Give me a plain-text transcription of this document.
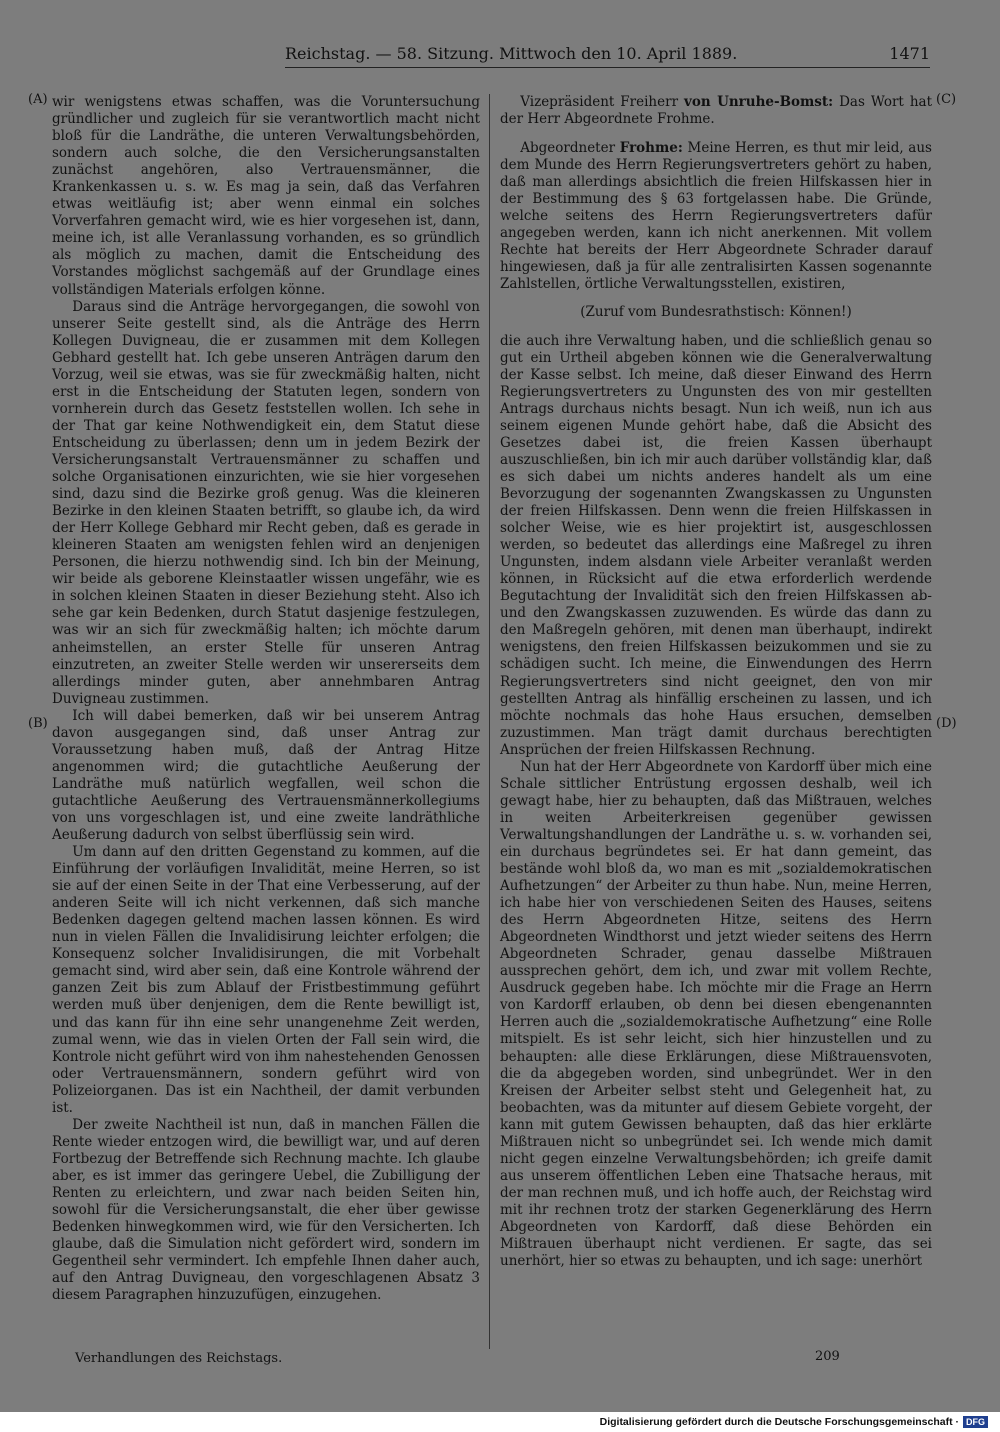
Reichstag. — 58. Sitzung. Mittwoch den 10. April 1889.	1471
(A)
(B)
(C)
(D)

wir wenigstens etwas schaffen, was die Voruntersuchung gründlicher und zugleich für sie verantwortlich macht nicht bloß für die Landräthe, die unteren Verwaltungsbehörden, sondern auch solche, die den Versicherungsanstalten zunächst angehören, also Vertrauensmänner, die Krankenkassen u. s. w. Es mag ja sein, daß das Verfahren etwas weitläufig ist; aber wenn einmal ein solches Vorverfahren gemacht wird, wie es hier vorgesehen ist, dann, meine ich, ist alle Veranlassung vorhanden, es so gründlich als möglich zu machen, damit die Entscheidung des Vorstandes möglichst sachgemäß auf der Grundlage eines vollständigen Materials erfolgen könne.

Daraus sind die Anträge hervorgegangen, die sowohl von unserer Seite gestellt sind, als die Anträge des Herrn Kollegen Duvigneau, die er zusammen mit dem Kollegen Gebhard gestellt hat. Ich gebe unseren Anträgen darum den Vorzug, weil sie etwas, was sie für zweckmäßig halten, nicht erst in die Entscheidung der Statuten legen, sondern von vornherein durch das Gesetz feststellen wollen. Ich sehe in der That gar keine Nothwendigkeit ein, dem Statut diese Entscheidung zu überlassen; denn um in jedem Bezirk der Versicherungsanstalt Vertrauensmänner zu schaffen und solche Organisationen einzurichten, wie sie hier vorgesehen sind, dazu sind die Bezirke groß genug. Was die kleineren Bezirke in den kleinen Staaten betrifft, so glaube ich, da wird der Herr Kollege Gebhard mir Recht geben, daß es gerade in kleineren Staaten am wenigsten fehlen wird an denjenigen Personen, die hierzu nothwendig sind. Ich bin der Meinung, wir beide als geborene Kleinstaatler wissen ungefähr, wie es in solchen kleinen Staaten in dieser Beziehung steht. Also ich sehe gar kein Bedenken, durch Statut dasjenige festzulegen, was wir an sich für zweckmäßig halten; ich möchte darum anheimstellen, an erster Stelle für unseren Antrag einzutreten, an zweiter Stelle werden wir unsererseits dem allerdings minder guten, aber annehmbaren Antrag Duvigneau zustimmen.

Ich will dabei bemerken, daß wir bei unserem Antrag davon ausgegangen sind, daß unser Antrag zur Voraussetzung haben muß, daß der Antrag Hitze angenommen wird; die gutachtliche Aeußerung der Landräthe muß natürlich wegfallen, weil schon die gutachtliche Aeußerung des Vertrauensmännerkollegiums von uns vorgeschlagen ist, und eine zweite landräthliche Aeußerung dadurch von selbst überflüssig sein wird.

Um dann auf den dritten Gegenstand zu kommen, auf die Einführung der vorläufigen Invalidität, meine Herren, so ist sie auf der einen Seite in der That eine Verbesserung, auf der anderen Seite will ich nicht verkennen, daß sich manche Bedenken dagegen geltend machen lassen können. Es wird nun in vielen Fällen die Invalidisirung leichter erfolgen; die Konsequenz solcher Invalidisirungen, die mit Vorbehalt gemacht sind, wird aber sein, daß eine Kontrole während der ganzen Zeit bis zum Ablauf der Fristbestimmung geführt werden muß über denjenigen, dem die Rente bewilligt ist, und das kann für ihn eine sehr unangenehme Zeit werden, zumal wenn, wie das in vielen Orten der Fall sein wird, die Kontrole nicht geführt wird von ihm nahestehenden Genossen oder Vertrauensmännern, sondern geführt wird von Polizeiorganen. Das ist ein Nachtheil, der damit verbunden ist.

Der zweite Nachtheil ist nun, daß in manchen Fällen die Rente wieder entzogen wird, die bewilligt war, und auf deren Fortbezug der Betreffende sich Rechnung machte. Ich glaube aber, es ist immer das geringere Uebel, die Zubilligung der Renten zu erleichtern, und zwar nach beiden Seiten hin, sowohl für die Versicherungsanstalt, die eher über gewisse Bedenken hinwegkommen wird, wie für den Versicherten. Ich glaube, daß die Simulation nicht gefördert wird, sondern im Gegentheil sehr vermindert. Ich empfehle Ihnen daher auch, auf den Antrag Duvigneau, den vorgeschlagenen Absatz 3 diesem Paragraphen hinzuzufügen, einzugehen.

Vizepräsident Freiherr von Unruhe-Bomst: Das Wort hat der Herr Abgeordnete Frohme.

Abgeordneter Frohme: Meine Herren, es thut mir leid, aus dem Munde des Herrn Regierungsvertreters gehört zu haben, daß man allerdings absichtlich die freien Hilfskassen hier in der Bestimmung des § 63 fortgelassen habe. Die Gründe, welche seitens des Herrn Regierungsvertreters dafür angegeben werden, kann ich nicht anerkennen. Mit vollem Rechte hat bereits der Herr Abgeordnete Schrader darauf hingewiesen, daß ja für alle zentralisirten Kassen sogenannte Zahlstellen, örtliche Verwaltungsstellen, existiren,

(Zuruf vom Bundesrathstisch: Können!)

die auch ihre Verwaltung haben, und die schließlich genau so gut ein Urtheil abgeben können wie die Generalverwaltung der Kasse selbst. Ich meine, daß dieser Einwand des Herrn Regierungsvertreters zu Ungunsten des von mir gestellten Antrags durchaus nichts besagt. Nun ich weiß, nun ich aus seinem eigenen Munde gehört habe, daß die Absicht des Gesetzes dabei ist, die freien Kassen überhaupt auszuschließen, bin ich mir auch darüber vollständig klar, daß es sich dabei um nichts anderes handelt als um eine Bevorzugung der sogenannten Zwangskassen zu Ungunsten der freien Hilfskassen. Denn wenn die freien Hilfskassen in solcher Weise, wie es hier projektirt ist, ausgeschlossen werden, so bedeutet das allerdings eine Maßregel zu ihren Ungunsten, indem alsdann viele Arbeiter veranlaßt werden können, in Rücksicht auf die etwa erforderlich werdende Begutachtung der Invalidität sich den freien Hilfskassen ab- und den Zwangskassen zuzuwenden. Es würde das dann zu den Maßregeln gehören, mit denen man überhaupt, indirekt wenigstens, den freien Hilfskassen beizukommen und sie zu schädigen sucht. Ich meine, die Einwendungen des Herrn Regierungsvertreters sind nicht geeignet, den von mir gestellten Antrag als hinfällig erscheinen zu lassen, und ich möchte nochmals das hohe Haus ersuchen, demselben zuzustimmen. Man trägt damit durchaus berechtigten Ansprüchen der freien Hilfskassen Rechnung.

Nun hat der Herr Abgeordnete von Kardorff über mich eine Schale sittlicher Entrüstung ergossen deshalb, weil ich gewagt habe, hier zu behaupten, daß das Mißtrauen, welches in weiten Arbeiterkreisen gegenüber gewissen Verwaltungshandlungen der Landräthe u. s. w. vorhanden sei, ein durchaus begründetes sei. Er hat dann gemeint, das bestände wohl bloß da, wo man es mit „sozialdemokratischen Aufhetzungen“ der Arbeiter zu thun habe. Nun, meine Herren, ich habe hier von verschiedenen Seiten des Hauses, seitens des Herrn Abgeordneten Hitze, seitens des Herrn Abgeordneten Windthorst und jetzt wieder seitens des Herrn Abgeordneten Schrader, genau dasselbe Mißtrauen aussprechen gehört, dem ich, und zwar mit vollem Rechte, Ausdruck gegeben habe. Ich möchte mir die Frage an Herrn von Kardorff erlauben, ob denn bei diesen ebengenannten Herren auch die „sozialdemokratische Aufhetzung“ eine Rolle mitspielt. Es ist sehr leicht, sich hier hinzustellen und zu behaupten: alle diese Erklärungen, diese Mißtrauensvoten, die da abgegeben worden, sind unbegründet. Wer in den Kreisen der Arbeiter selbst steht und Gelegenheit hat, zu beobachten, was da mitunter auf diesem Gebiete vorgeht, der kann mit gutem Gewissen behaupten, daß das hier erklärte Mißtrauen nicht so unbegründet sei. Ich wende mich damit nicht gegen einzelne Verwaltungsbehörden; ich greife damit aus unserem öffentlichen Leben eine Thatsache heraus, mit der man rechnen muß, und ich hoffe auch, der Reichstag wird mit ihr rechnen trotz der starken Gegenerklärung des Herrn Abgeordneten von Kardorff, daß diese Behörden ein Mißtrauen überhaupt nicht verdienen. Er sagte, das sei unerhört, hier so etwas zu behaupten, und ich sage: unerhört

Verhandlungen des Reichstags.	209
Digitalisierung gefördert durch die Deutsche Forschungsgemeinschaft · DFG
